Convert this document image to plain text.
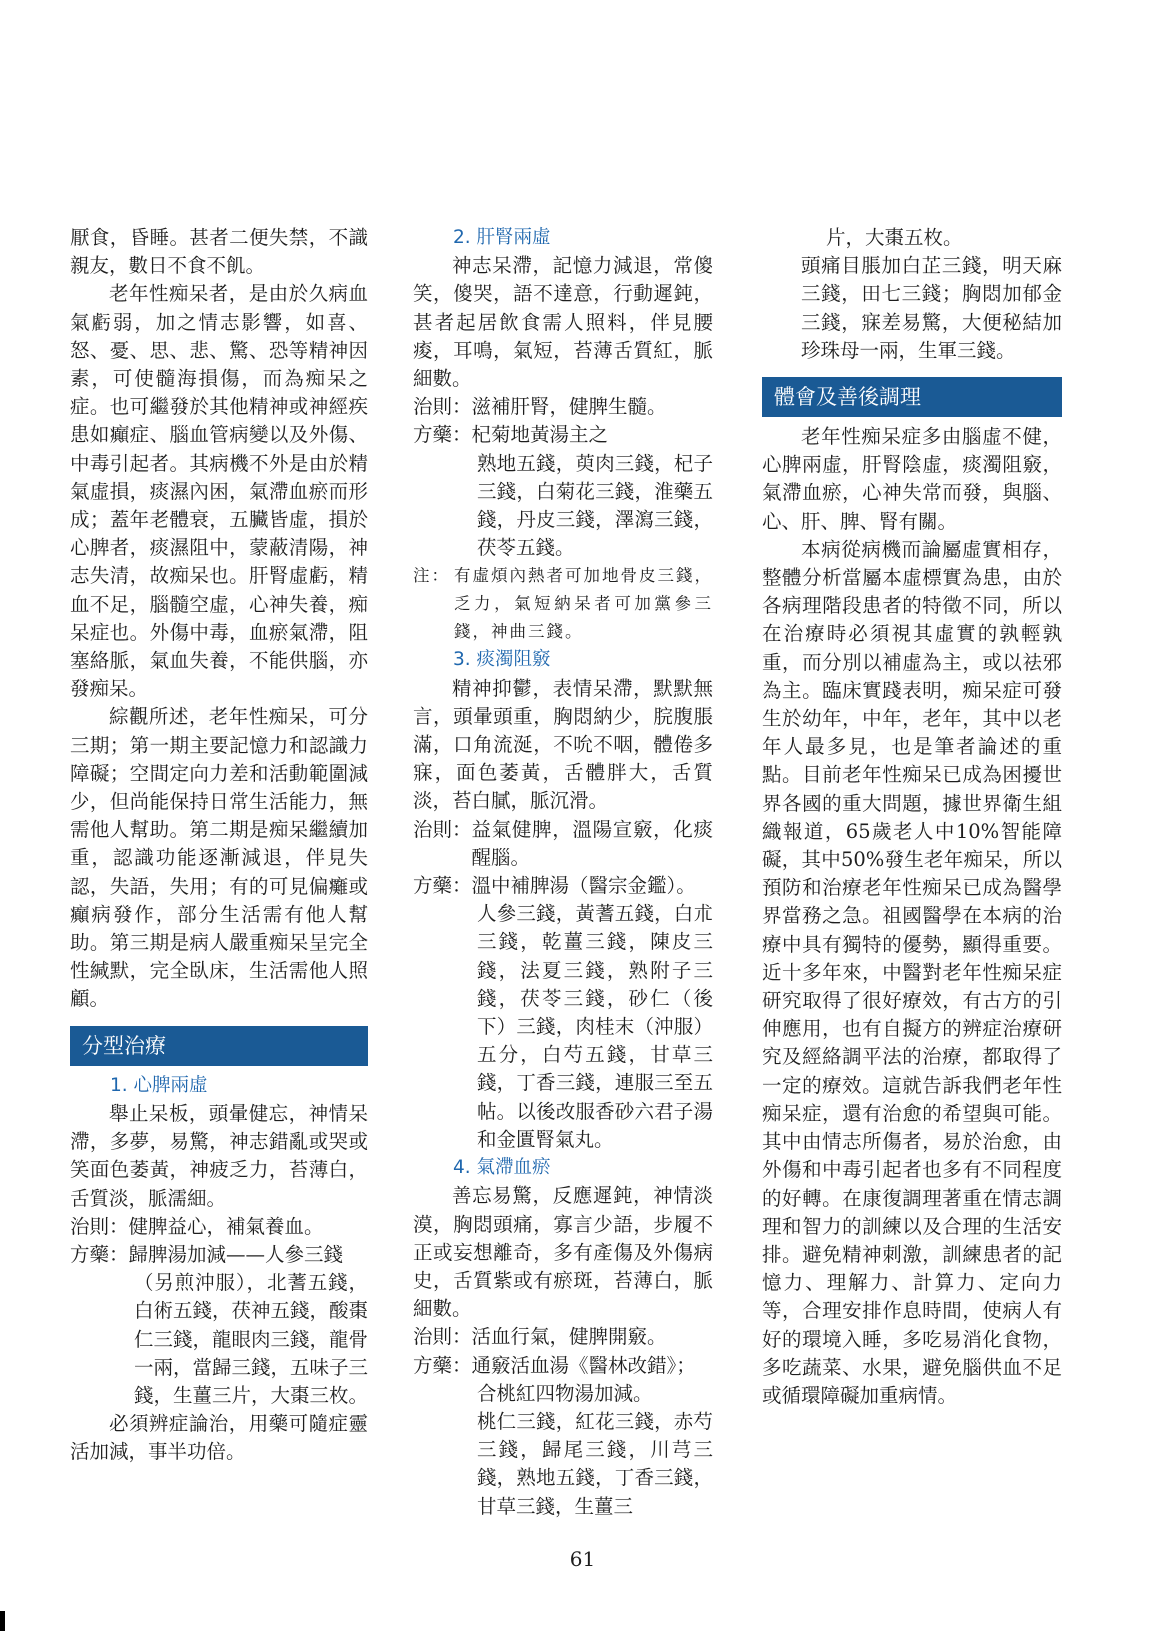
厭食，昏睡。甚者二便失禁，不識親友，數日不食不飢。

老年性痴呆者，是由於久病血氣虧弱，加之情志影響，如喜、怒、憂、思、悲、驚、恐等精神因素，可使髓海損傷，而為痴呆之症。也可繼發於其他精神或神經疾患如癲症、腦血管病變以及外傷、中毒引起者。其病機不外是由於精氣虛損，痰濕內困，氣滯血瘀而形成；蓋年老體衰，五臟皆虛，損於心脾者，痰濕阻中，蒙蔽清陽，神志失清，故痴呆也。肝腎虛虧，精血不足，腦髓空虛，心神失養，痴呆症也。外傷中毒，血瘀氣滯，阻塞絡脈，氣血失養，不能供腦，亦發痴呆。

綜觀所述，老年性痴呆，可分三期；第一期主要記憶力和認識力障礙；空間定向力差和活動範圍減少，但尚能保持日常生活能力，無需他人幫助。第二期是痴呆繼續加重，認識功能逐漸減退，伴見失認，失語，失用；有的可見偏癱或癲病發作，部分生活需有他人幫助。第三期是病人嚴重痴呆呈完全性緘默，完全臥床，生活需他人照顧。

分型治療

1. 心脾兩虛

舉止呆板，頭暈健忘，神情呆滯，多夢，易驚，神志錯亂或哭或笑面色萎黃，神疲乏力，苔薄白，舌質淡，脈濡細。

治則： 健脾益心，補氣養血。
方藥： 歸脾湯加減——人參三錢

（另煎沖服），北蓍五錢，白術五錢，茯神五錢，酸棗仁三錢，龍眼肉三錢，龍骨一兩，當歸三錢，五味子三錢，生薑三片，大棗三枚。

必須辨症論治，用藥可隨症靈活加減，事半功倍。

2. 肝腎兩虛

神志呆滯，記憶力減退，常傻笑，傻哭，語不達意，行動遲鈍，甚者起居飲食需人照料，伴見腰痠，耳鳴，氣短，苔薄舌質紅，脈細數。

治則： 滋補肝腎，健脾生髓。
方藥： 杞菊地黃湯主之

熟地五錢，萸肉三錢，杞子三錢，白菊花三錢，淮藥五錢，丹皮三錢，澤瀉三錢，茯苓五錢。

注： 有虛煩內熱者可加地骨皮三錢，乏力，氣短納呆者可加黨參三錢，神曲三錢。

3. 痰濁阻竅

精神抑鬱，表情呆滯，默默無言，頭暈頭重，胸悶納少，脘腹脹滿，口角流涎，不吮不咽，體倦多寐，面色萎黃，舌體胖大，舌質淡，苔白膩，脈沉滑。

治則： 益氣健脾，溫陽宣竅，化痰醒腦。
方藥： 溫中補脾湯（醫宗金鑑）。

人參三錢，黃蓍五錢，白朮三錢，乾薑三錢，陳皮三錢，法夏三錢，熟附子三錢，茯苓三錢，砂仁（後下）三錢，肉桂末（沖服）五分，白芍五錢，甘草三錢，丁香三錢，連服三至五帖。以後改服香砂六君子湯和金匱腎氣丸。

4. 氣滯血瘀

善忘易驚，反應遲鈍，神情淡漠，胸悶頭痛，寡言少語，步履不正或妄想離奇，多有產傷及外傷病史，舌質紫或有瘀斑，苔薄白，脈細數。

治則： 活血行氣，健脾開竅。
方藥： 通竅活血湯《醫林改錯》；

合桃紅四物湯加減。

桃仁三錢，紅花三錢，赤芍三錢，歸尾三錢，川芎三錢，熟地五錢，丁香三錢，甘草三錢，生薑三

片，大棗五枚。

頭痛目脹加白芷三錢，明天麻三錢，田七三錢；胸悶加郁金三錢，寐差易驚，大便秘結加珍珠母一兩，生軍三錢。
體會及善後調理

老年性痴呆症多由腦虛不健，心脾兩虛，肝腎陰虛，痰濁阻竅，氣滯血瘀，心神失常而發，與腦、心、肝、脾、腎有關。

本病從病機而論屬虛實相存，整體分析當屬本虛標實為患，由於各病理階段患者的特徵不同，所以在治療時必須視其虛實的孰輕孰重，而分別以補虛為主，或以祛邪為主。臨床實踐表明，痴呆症可發生於幼年，中年，老年，其中以老年人最多見，也是筆者論述的重點。目前老年性痴呆已成為困擾世界各國的重大問題，據世界衛生組織報道，65歲老人中10%智能障礙，其中50%發生老年痴呆，所以預防和治療老年性痴呆已成為醫學界當務之急。祖國醫學在本病的治療中具有獨特的優勢，顯得重要。近十多年來，中醫對老年性痴呆症研究取得了很好療效，有古方的引伸應用，也有自擬方的辨症治療研究及經絡調平法的治療，都取得了一定的療效。這就告訴我們老年性痴呆症，還有治愈的希望與可能。其中由情志所傷者，易於治愈，由外傷和中毒引起者也多有不同程度的好轉。在康復調理著重在情志調理和智力的訓練以及合理的生活安排。避免精神刺激，訓練患者的記憶力、理解力、計算力、定向力等，合理安排作息時間，使病人有好的環境入睡，多吃易消化食物，多吃蔬菜、水果，避免腦供血不足或循環障礙加重病情。

61
